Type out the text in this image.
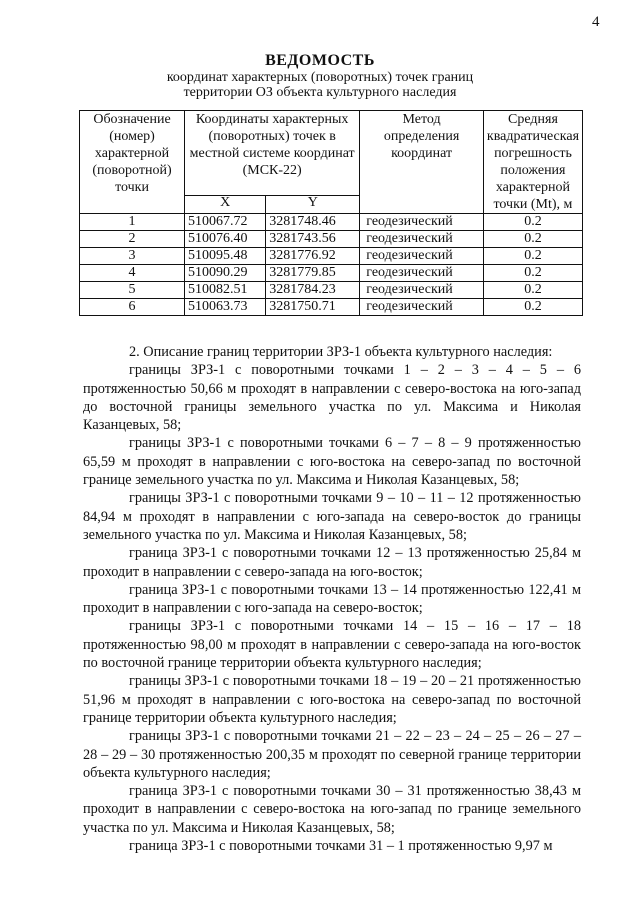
4
ВЕДОМОСТЬ
координат характерных (поворотных) точек границ
территории ОЗ объекта культурного наследия
Обозначение (номер) характерной (поворотной) точки	Координаты характерных (поворотных) точек в местной системе координат (МСК-22)		Метод определения координат	Средняя квадратическая погрешность положения характерной точки (Mt), м
	X	Y		
1	510067.72	3281748.46	геодезический	0.2
2	510076.40	3281743.56	геодезический	0.2
3	510095.48	3281776.92	геодезический	0.2
4	510090.29	3281779.85	геодезический	0.2
5	510082.51	3281784.23	геодезический	0.2
6	510063.73	3281750.71	геодезический	0.2
2. Описание границ территории ЗРЗ-1 объекта культурного наследия:

границы ЗРЗ-1 с поворотными точками 1 – 2 – 3 – 4 – 5 – 6 протяженностью 50,66 м проходят в направлении с северо-востока на юго-запад до восточной границы земельного участка по ул. Максима и Николая Казанцевых, 58;

границы ЗРЗ-1 с поворотными точками 6 – 7 – 8 – 9 протяженностью 65,59 м проходят в направлении с юго-востока на северо-запад по восточной границе земельного участка по ул. Максима и Николая Казанцевых, 58;

границы ЗРЗ-1 с поворотными точками 9 – 10 – 11 – 12 протяженностью 84,94 м проходят в направлении с юго-запада на северо-восток до границы земельного участка по ул. Максима и Николая Казанцевых, 58;

граница ЗРЗ-1 с поворотными точками 12 – 13 протяженностью 25,84 м проходит в направлении с северо-запада на юго-восток;

граница ЗРЗ-1 с поворотными точками 13 – 14 протяженностью 122,41 м проходит в направлении с юго-запада на северо-восток;

границы ЗРЗ-1 с поворотными точками 14 – 15 – 16 – 17 – 18 протяженностью 98,00 м проходят в направлении с северо-запада на юго-восток по восточной границе территории объекта культурного наследия;

границы ЗРЗ-1 с поворотными точками 18 – 19 – 20 – 21 протяженностью 51,96 м проходят в направлении с юго-востока на северо-запад по восточной границе территории объекта культурного наследия;

границы ЗРЗ-1 с поворотными точками 21 – 22 – 23 – 24 – 25 – 26 – 27 – 28 – 29 – 30 протяженностью 200,35 м проходят по северной границе территории объекта культурного наследия;

граница ЗРЗ-1 с поворотными точками 30 – 31 протяженностью 38,43 м проходит в направлении с северо-востока на юго-запад по границе земельного участка по ул. Максима и Николая Казанцевых, 58;

граница ЗРЗ-1 с поворотными точками 31 – 1 протяженностью 9,97 м
